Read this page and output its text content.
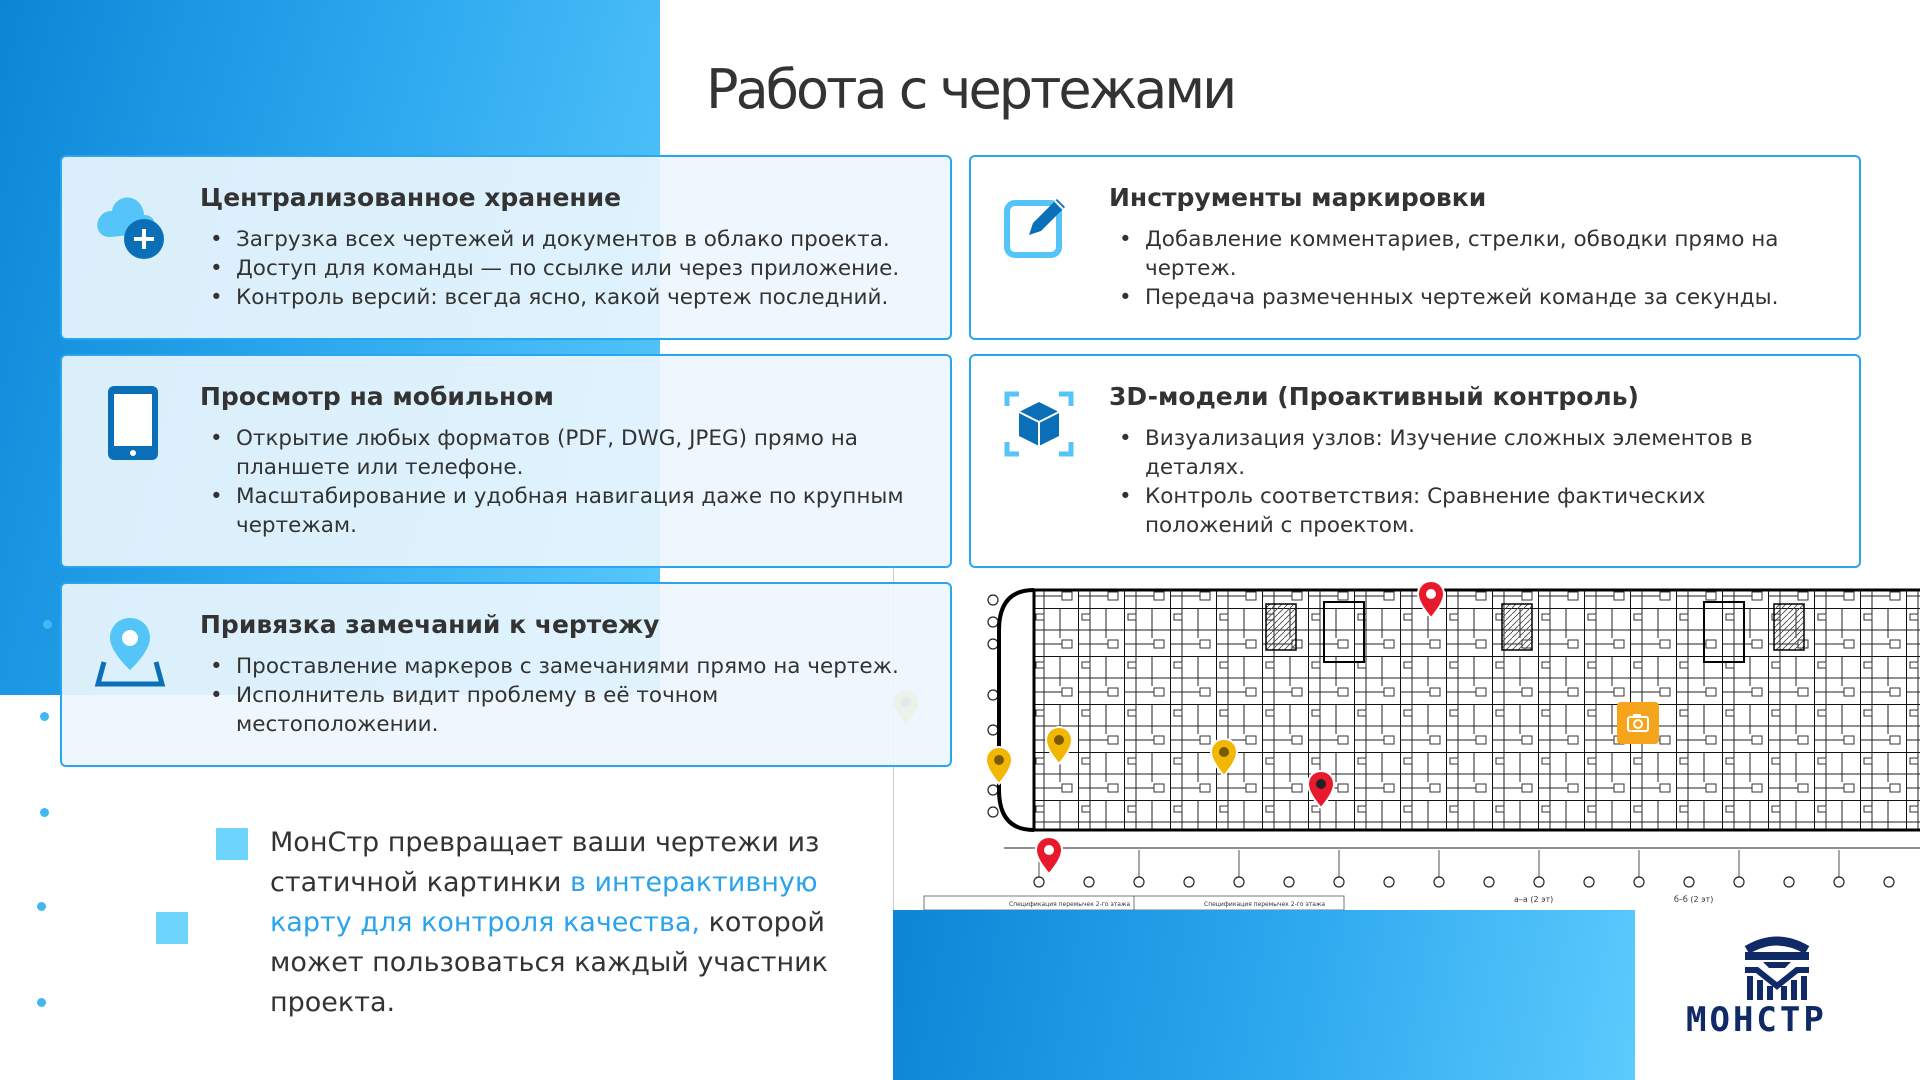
Работа с чертежами
Спецификация перемычек 2-го этажа	Спецификация перемычек 2-го этажа
а–а (2 эт)	б–б (2 эт)
Централизованное хранение
• Загрузка всех чертежей и документов в облако проекта.
• Доступ для команды — по ссылке или через приложение.
• Контроль версий: всегда ясно, какой чертеж последний.
Инструменты маркировки
• Добавление комментариев, стрелки, обводки прямо на чертеж.
• Передача размеченных чертежей команде за секунды.
Просмотр на мобильном
• Открытие любых форматов (PDF, DWG, JPEG) прямо на планшете или телефоне.
• Масштабирование и удобная навигация даже по крупным чертежам.
3D-модели (Проактивный контроль)
• Визуализация узлов: Изучение сложных элементов в деталях.
• Контроль соответствия: Сравнение фактических положений с проектом.
Привязка замечаний к чертежу
• Проставление маркеров с замечаниями прямо на чертеж.
• Исполнитель видит проблему в её точном местоположении.

МонСтр превращает ваши чертежи из статичной картинки в интерактивную карту для контроля качества, которой может пользоваться каждый участник проекта.	МОНСТР
